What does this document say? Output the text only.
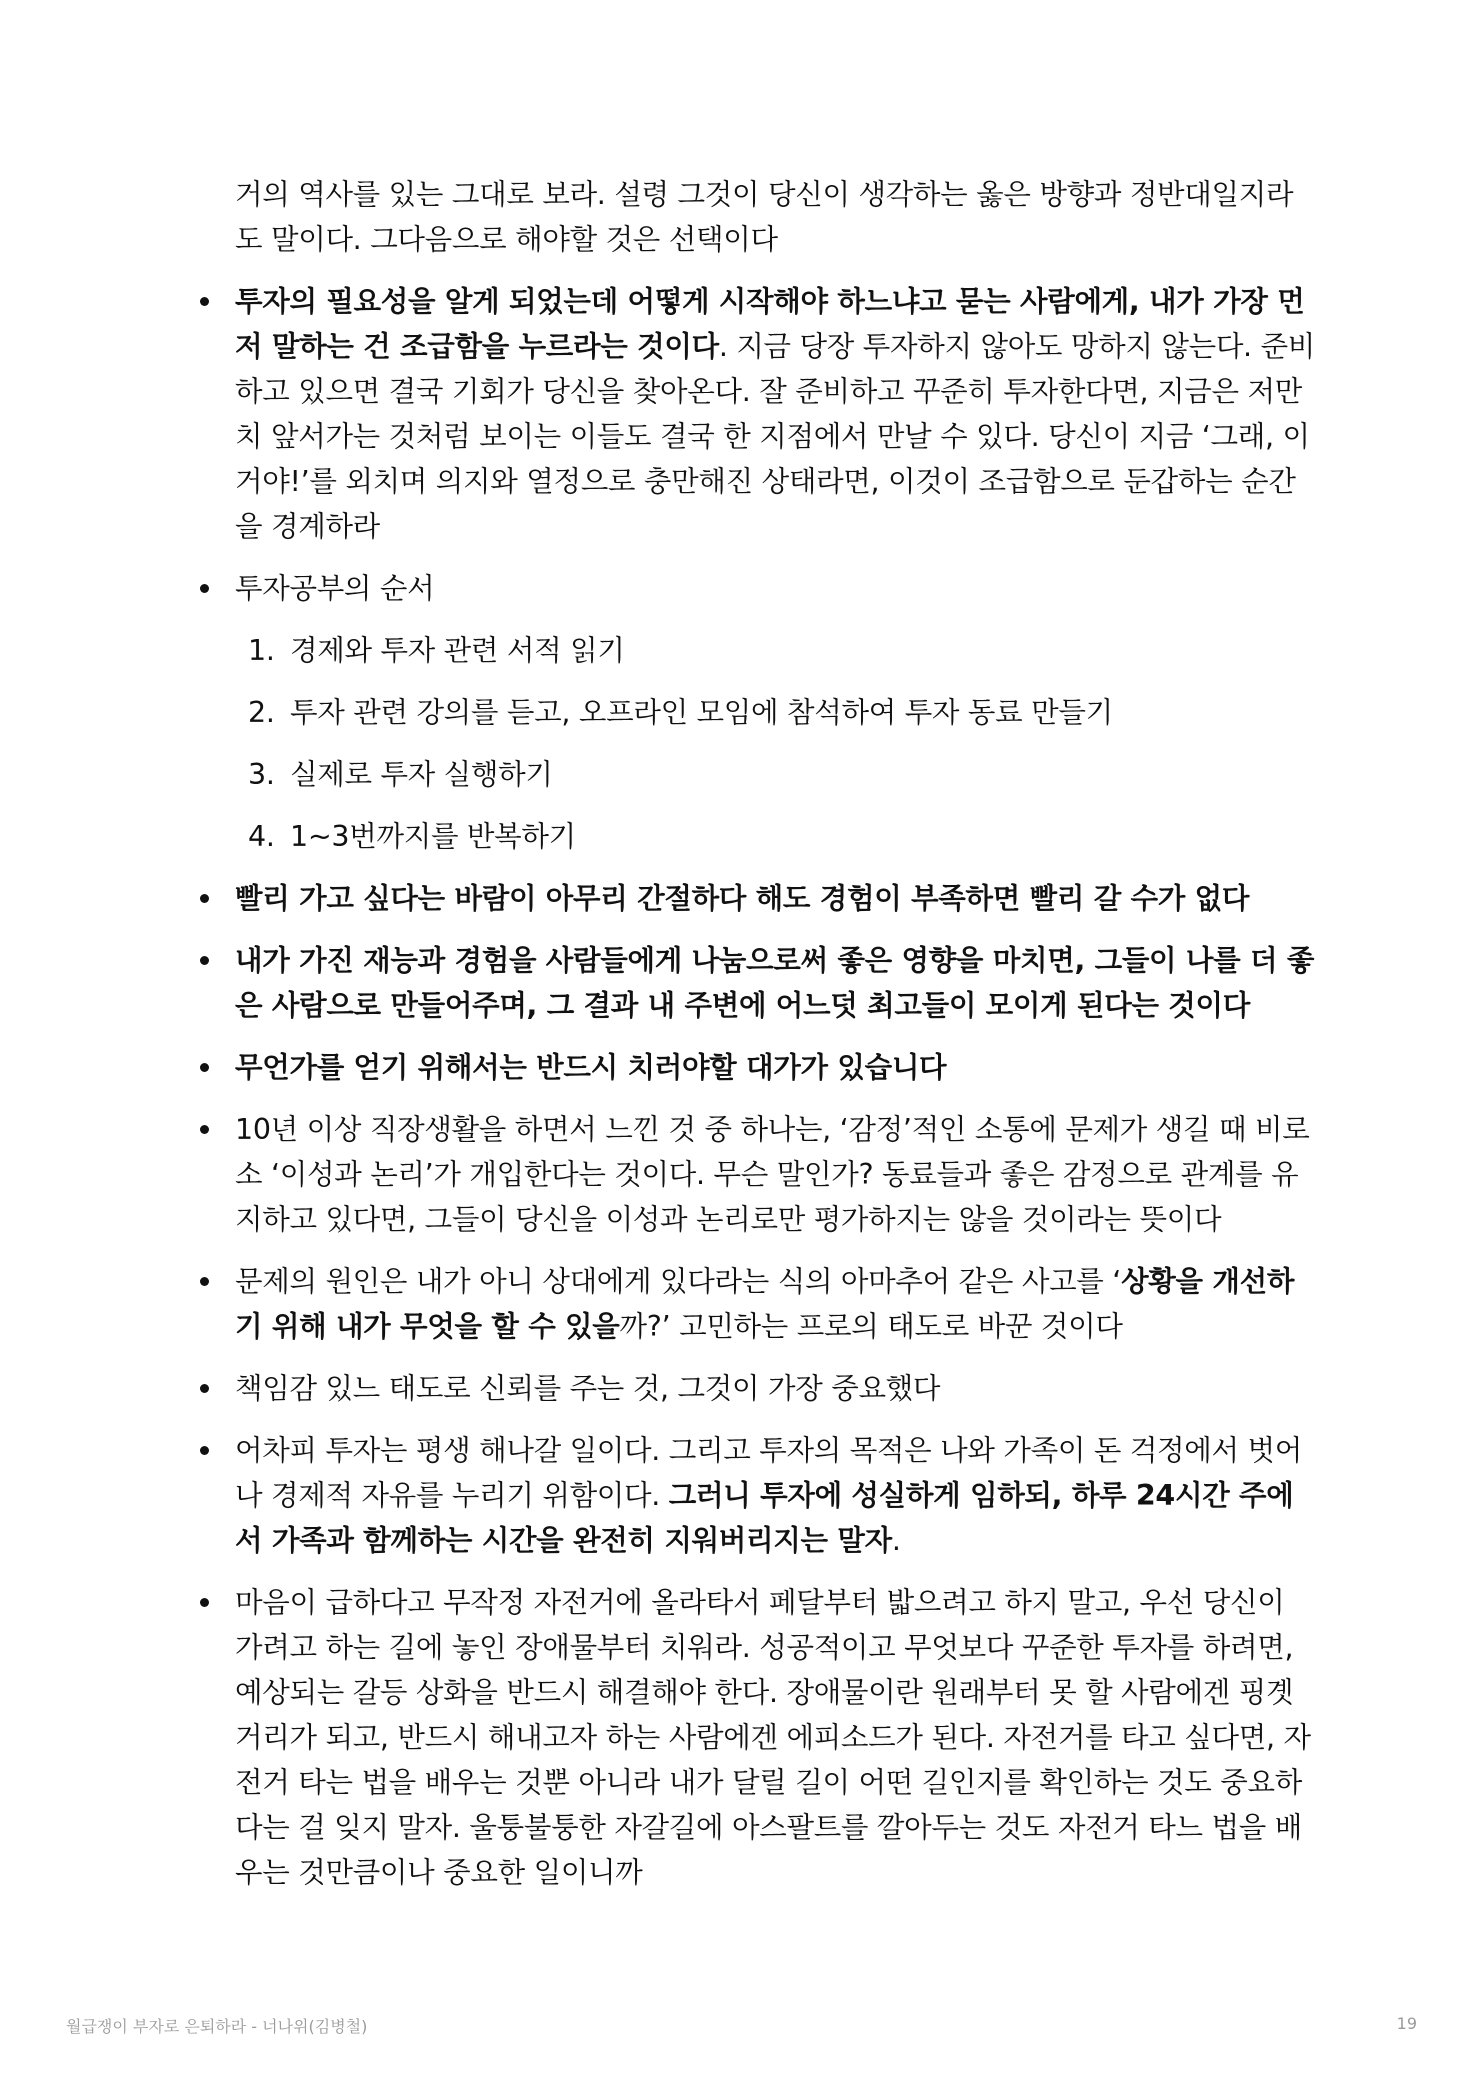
거의 역사를 있는 그대로 보라. 설령 그것이 당신이 생각하는 옳은 방향과 정반대일지라도 말이다. 그다음으로 해야할 것은 선택이다

투자의 필요성을 알게 되었는데 어떻게 시작해야 하느냐고 묻는 사람에게, 내가 가장 먼저 말하는 건 조급함을 누르라는 것이다. 지금 당장 투자하지 않아도 망하지 않는다. 준비하고 있으면 결국 기회가 당신을 찾아온다. 잘 준비하고 꾸준히 투자한다면, 지금은 저만치 앞서가는 것처럼 보이는 이들도 결국 한 지점에서 만날 수 있다. 당신이 지금 ‘그래, 이거야!’를 외치며 의지와 열정으로 충만해진 상태라면, 이것이 조급함으로 둔갑하는 순간을 경계하라
투자공부의 순서
1. 경제와 투자 관련 서적 읽기
2. 투자 관련 강의를 듣고, 오프라인 모임에 참석하여 투자 동료 만들기
3. 실제로 투자 실행하기
4. 1~3번까지를 반복하기
빨리 가고 싶다는 바람이 아무리 간절하다 해도 경험이 부족하면 빨리 갈 수가 없다
내가 가진 재능과 경험을 사람들에게 나눔으로써 좋은 영향을 마치면, 그들이 나를 더 좋은 사람으로 만들어주며, 그 결과 내 주변에 어느덧 최고들이 모이게 된다는 것이다
무언가를 얻기 위해서는 반드시 치러야할 대가가 있습니다
10년 이상 직장생활을 하면서 느낀 것 중 하나는, ‘감정’적인 소통에 문제가 생길 때 비로소 ‘이성과 논리’가 개입한다는 것이다. 무슨 말인가? 동료들과 좋은 감정으로 관계를 유지하고 있다면, 그들이 당신을 이성과 논리로만 평가하지는 않을 것이라는 뜻이다
문제의 원인은 내가 아니 상대에게 있다라는 식의 아마추어 같은 사고를 ‘상황을 개선하기 위해 내가 무엇을 할 수 있을까?’ 고민하는 프로의 태도로 바꾼 것이다
책임감 있느 태도로 신뢰를 주는 것, 그것이 가장 중요했다
어차피 투자는 평생 해나갈 일이다. 그리고 투자의 목적은 나와 가족이 돈 걱정에서 벗어나 경제적 자유를 누리기 위함이다. 그러니 투자에 성실하게 임하되, 하루 24시간 주에서 가족과 함께하는 시간을 완전히 지워버리지는 말자.
마음이 급하다고 무작정 자전거에 올라타서 페달부터 밟으려고 하지 말고, 우선 당신이 가려고 하는 길에 놓인 장애물부터 치워라. 성공적이고 무엇보다 꾸준한 투자를 하려면, 예상되는 갈등 상화을 반드시 해결해야 한다. 장애물이란 원래부터 못 할 사람에겐 핑곗거리가 되고, 반드시 해내고자 하는 사람에겐 에피소드가 된다. 자전거를 타고 싶다면, 자전거 타는 법을 배우는 것뿐 아니라 내가 달릴 길이 어떤 길인지를 확인하는 것도 중요하다는 걸 잊지 말자. 울퉁불퉁한 자갈길에 아스팔트를 깔아두는 것도 자전거 타느 법을 배우는 것만큼이나 중요한 일이니까
월급쟁이 부자로 은퇴하라 - 너나위(김병철)	19
